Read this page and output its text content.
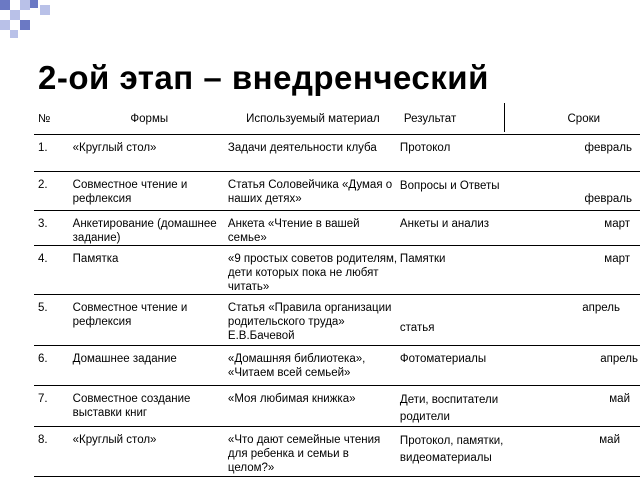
2-ой этап – внедренческий
№	Формы	Используемый материал	Результат	Сроки
1.	«Круглый стол»	Задачи деятельности клуба	Протокол	февраль
2.	Совместное чтение и рефлексия	Статья Соловейчика «Думая о наших детях»	Вопросы и Ответы	февраль
3.	Анкетирование (домашнее задание)	Анкета «Чтение в вашей семье»	Анкеты и анализ	март
4.	Памятка	«9 простых советов родителям, дети которых пока не любят читать»	Памятки	март
5.	Совместное чтение и рефлексия	Статья «Правила организации родительского труда» Е.В.Бачевой	статья	апрель
6.	Домашнее задание	«Домашняя библиотека», «Читаем всей семьей»	Фотоматериалы	апрель
7.	Совместное создание выставки книг	«Моя любимая книжка»	Дети, воспитатели родители	май
8.	«Круглый стол»	«Что дают семейные чтения для ребенка и семьи в целом?»	Протокол, памятки, видеоматериалы	май
